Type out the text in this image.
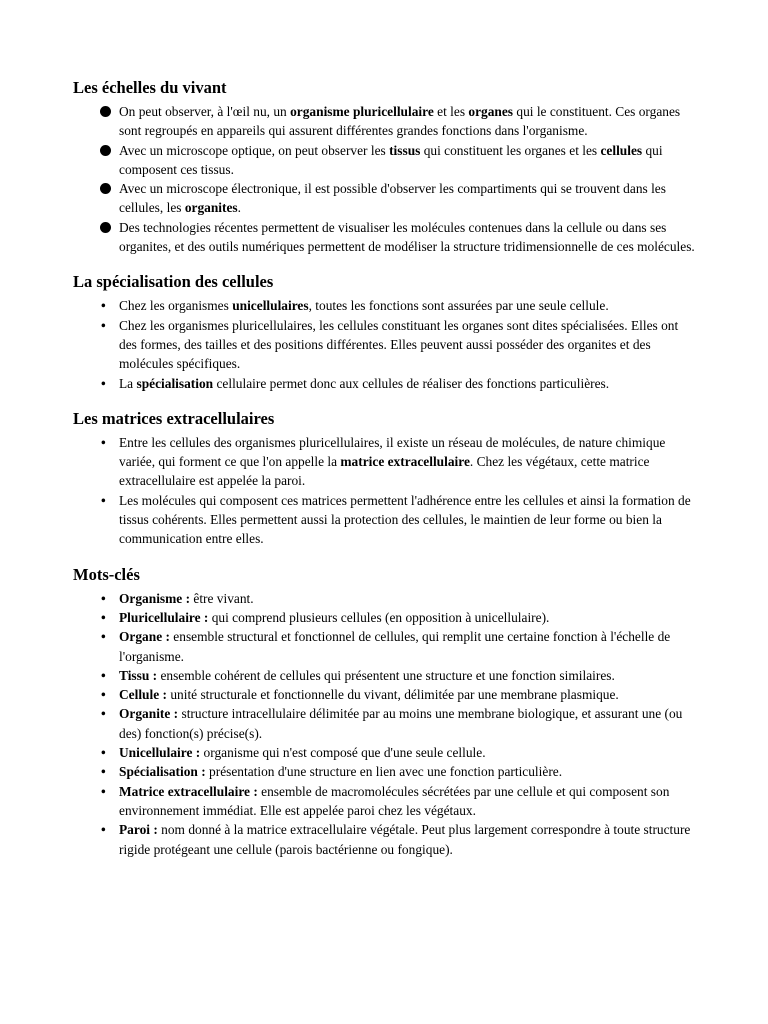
Les échelles du vivant
On peut observer, à l'œil nu, un organisme pluricellulaire et les organes qui le constituent. Ces organes sont regroupés en appareils qui assurent différentes grandes fonctions dans l'organisme.
Avec un microscope optique, on peut observer les tissus qui constituent les organes et les cellules qui composent ces tissus.
Avec un microscope électronique, il est possible d'observer les compartiments qui se trouvent dans les cellules, les organites.
Des technologies récentes permettent de visualiser les molécules contenues dans la cellule ou dans ses organites, et des outils numériques permettent de modéliser la structure tridimensionnelle de ces molécules.
La spécialisation des cellules
• Chez les organismes unicellulaires, toutes les fonctions sont assurées par une seule cellule.
• Chez les organismes pluricellulaires, les cellules constituant les organes sont dites spécialisées. Elles ont des formes, des tailles et des positions différentes. Elles peuvent aussi posséder des organites et des molécules spécifiques.
• La spécialisation cellulaire permet donc aux cellules de réaliser des fonctions particulières.
Les matrices extracellulaires
• Entre les cellules des organismes pluricellulaires, il existe un réseau de molécules, de nature chimique variée, qui forment ce que l'on appelle la matrice extracellulaire. Chez les végétaux, cette matrice extracellulaire est appelée la paroi.
• Les molécules qui composent ces matrices permettent l'adhérence entre les cellules et ainsi la formation de tissus cohérents. Elles permettent aussi la protection des cellules, le maintien de leur forme ou bien la communication entre elles.
Mots-clés
• Organisme : être vivant.
• Pluricellulaire : qui comprend plusieurs cellules (en opposition à unicellulaire).
• Organe : ensemble structural et fonctionnel de cellules, qui remplit une certaine fonction à l'échelle de l'organisme.
• Tissu : ensemble cohérent de cellules qui présentent une structure et une fonction similaires.
• Cellule : unité structurale et fonctionnelle du vivant, délimitée par une membrane plasmique.
• Organite : structure intracellulaire délimitée par au moins une membrane biologique, et assurant une (ou des) fonction(s) précise(s).
• Unicellulaire : organisme qui n'est composé que d'une seule cellule.
• Spécialisation : présentation d'une structure en lien avec une fonction particulière.
• Matrice extracellulaire : ensemble de macromolécules sécrétées par une cellule et qui composent son environnement immédiat. Elle est appelée paroi chez les végétaux.
• Paroi : nom donné à la matrice extracellulaire végétale. Peut plus largement correspondre à toute structure rigide protégeant une cellule (parois bactérienne ou fongique).
